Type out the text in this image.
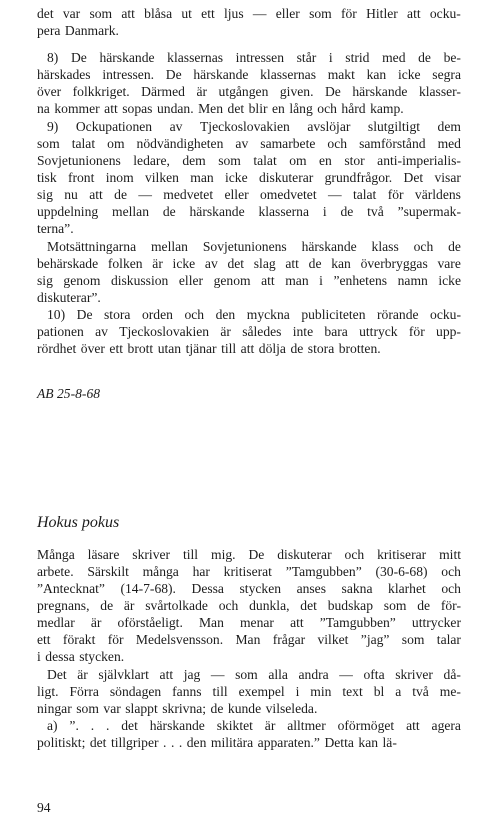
det var som att blåsa ut ett ljus — eller som för Hitler att ocku-
pera Danmark.
8) De härskande klassernas intressen står i strid med de be-
härskades intressen. De härskande klassernas makt kan icke segra
över folkkriget. Därmed är utgången given. De härskande klasser-
na kommer att sopas undan. Men det blir en lång och hård kamp.
9) Ockupationen av Tjeckoslovakien avslöjar slutgiltigt dem
som talat om nödvändigheten av samarbete och samförstånd med
Sovjetunionens ledare, dem som talat om en stor anti-imperialis-
tisk front inom vilken man icke diskuterar grundfrågor. Det visar
sig nu att de — medvetet eller omedvetet — talat för världens
uppdelning mellan de härskande klasserna i de två ”supermak-
terna”.
Motsättningarna mellan Sovjetunionens härskande klass och de
behärskade folken är icke av det slag att de kan överbryggas vare
sig genom diskussion eller genom att man i ”enhetens namn icke
diskuterar”.
10) De stora orden och den myckna publiciteten rörande ocku-
pationen av Tjeckoslovakien är således inte bara uttryck för upp-
rördhet över ett brott utan tjänar till att dölja de stora brotten.
Många läsare skriver till mig. De diskuterar och kritiserar mitt
arbete. Särskilt många har kritiserat ”Tamgubben” (30-6-68) och
”Antecknat” (14-7-68). Dessa stycken anses sakna klarhet och
pregnans, de är svårtolkade och dunkla, det budskap som de för-
medlar är oförståeligt. Man menar att ”Tamgubben” uttrycker
ett förakt för Medelsvensson. Man frågar vilket ”jag” som talar
i dessa stycken.
Det är självklart att jag — som alla andra — ofta skriver då-
ligt. Förra söndagen fanns till exempel i min text bl a två me-
ningar som var slappt skrivna; de kunde vilseleda.
a) ”. . . det härskande skiktet är alltmer oförmöget att agera
politiskt; det tillgriper . . . den militära apparaten.” Detta kan lä-
AB 25-8-68
Hokus pokus
94
